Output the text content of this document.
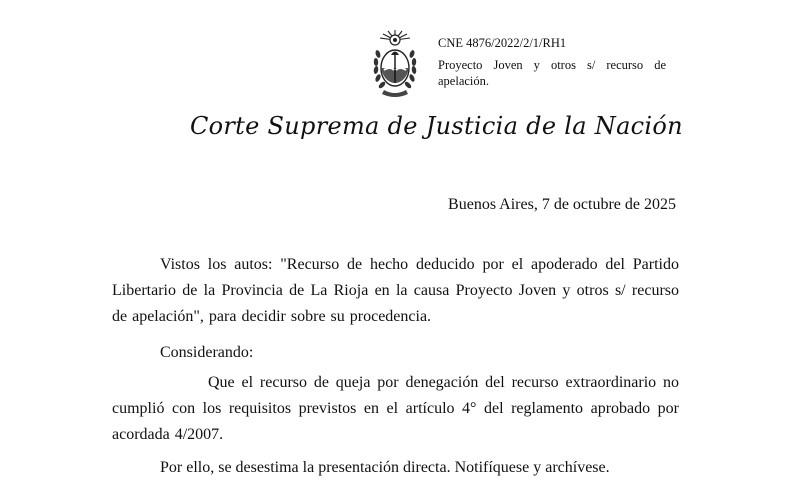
CNE 4876/2022/2/1/RH1
Proyecto Joven y otros s/ recurso de apelación.
Corte Suprema de Justicia de la Nación
Buenos Aires, 7 de octubre de 2025
Vistos los autos: "Recurso de hecho deducido por el apoderado del Partido Libertario de la Provincia de La Rioja en la causa Proyecto Joven y otros s/ recurso de apelación", para decidir sobre su procedencia.
Considerando:
Que el recurso de queja por denegación del recurso extraordinario no cumplió con los requisitos previstos en el artículo 4° del reglamento aprobado por acordada 4/2007.
Por ello, se desestima la presentación directa. Notifíquese y archívese.
